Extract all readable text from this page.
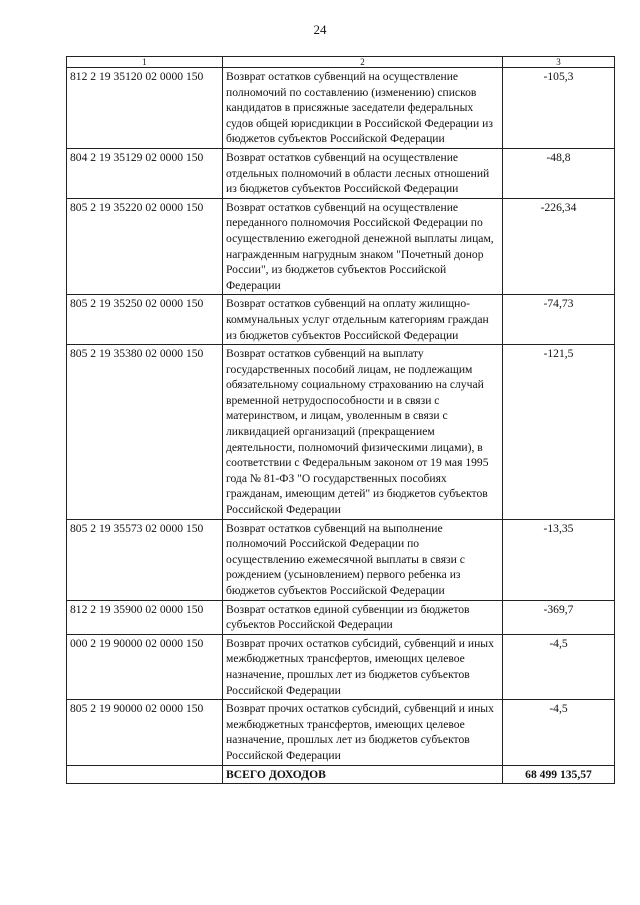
24
1	2	3
812 2 19 35120 02 0000 150	Возврат остатков субвенций на осуществление полномочий по составлению (изменению) списков кандидатов в присяжные заседатели федеральных судов общей юрисдикции в Российской Федерации из бюджетов субъектов Российской Федерации	-105,3
804 2 19 35129 02 0000 150	Возврат остатков субвенций на осуществление отдельных полномочий в области лесных отношений из бюджетов субъектов Российской Федерации	-48,8
805 2 19 35220 02 0000 150	Возврат остатков субвенций на осуществление переданного полномочия Российской Федерации по осуществлению ежегодной денежной выплаты лицам, награжденным нагрудным знаком "Почетный донор России", из бюджетов субъектов Российской Федерации	-226,34
805 2 19 35250 02 0000 150	Возврат остатков субвенций на оплату жилищно-коммунальных услуг отдельным категориям граждан из бюджетов субъектов Российской Федерации	-74,73
805 2 19 35380 02 0000 150	Возврат остатков субвенций на выплату государственных пособий лицам, не подлежащим обязательному социальному страхованию на случай временной нетрудоспособности и в связи с материнством, и лицам, уволенным в связи с ликвидацией организаций (прекращением деятельности, полномочий физическими лицами), в соответствии с Федеральным законом от 19 мая 1995 года № 81-ФЗ "О государственных пособиях гражданам, имеющим детей" из бюджетов субъектов Российской Федерации	-121,5
805 2 19 35573 02 0000 150	Возврат остатков субвенций на выполнение полномочий Российской Федерации по осуществлению ежемесячной выплаты в связи с рождением (усыновлением) первого ребенка из бюджетов субъектов Российской Федерации	-13,35
812 2 19 35900 02 0000 150	Возврат остатков единой субвенции из бюджетов субъектов Российской Федерации	-369,7
000 2 19 90000 02 0000 150	Возврат прочих остатков субсидий, субвенций и иных межбюджетных трансфертов, имеющих целевое назначение, прошлых лет из бюджетов субъектов Российской Федерации	-4,5
805 2 19 90000 02 0000 150	Возврат прочих остатков субсидий, субвенций и иных межбюджетных трансфертов, имеющих целевое назначение, прошлых лет из бюджетов субъектов Российской Федерации	-4,5
	ВСЕГО ДОХОДОВ	68 499 135,57
